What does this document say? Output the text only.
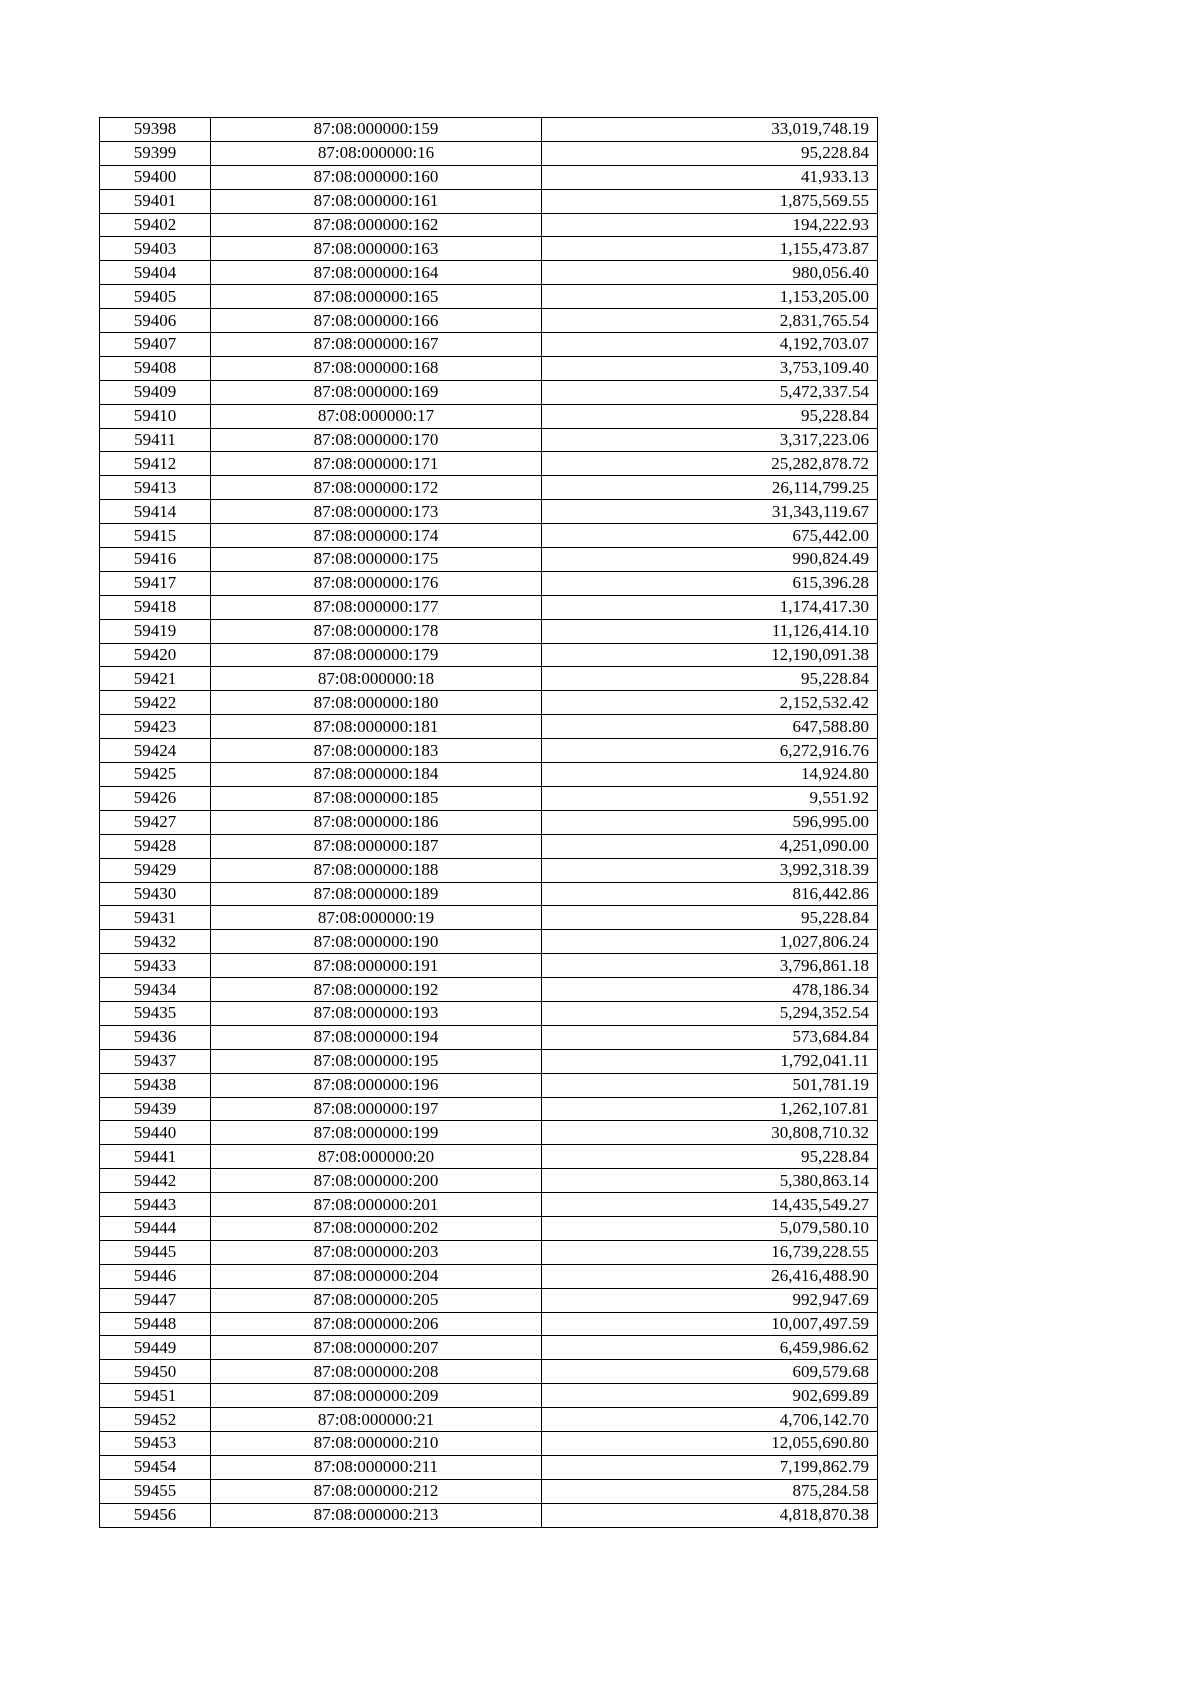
59398	87:08:000000:159	33,019,748.19
59399	87:08:000000:16	95,228.84
59400	87:08:000000:160	41,933.13
59401	87:08:000000:161	1,875,569.55
59402	87:08:000000:162	194,222.93
59403	87:08:000000:163	1,155,473.87
59404	87:08:000000:164	980,056.40
59405	87:08:000000:165	1,153,205.00
59406	87:08:000000:166	2,831,765.54
59407	87:08:000000:167	4,192,703.07
59408	87:08:000000:168	3,753,109.40
59409	87:08:000000:169	5,472,337.54
59410	87:08:000000:17	95,228.84
59411	87:08:000000:170	3,317,223.06
59412	87:08:000000:171	25,282,878.72
59413	87:08:000000:172	26,114,799.25
59414	87:08:000000:173	31,343,119.67
59415	87:08:000000:174	675,442.00
59416	87:08:000000:175	990,824.49
59417	87:08:000000:176	615,396.28
59418	87:08:000000:177	1,174,417.30
59419	87:08:000000:178	11,126,414.10
59420	87:08:000000:179	12,190,091.38
59421	87:08:000000:18	95,228.84
59422	87:08:000000:180	2,152,532.42
59423	87:08:000000:181	647,588.80
59424	87:08:000000:183	6,272,916.76
59425	87:08:000000:184	14,924.80
59426	87:08:000000:185	9,551.92
59427	87:08:000000:186	596,995.00
59428	87:08:000000:187	4,251,090.00
59429	87:08:000000:188	3,992,318.39
59430	87:08:000000:189	816,442.86
59431	87:08:000000:19	95,228.84
59432	87:08:000000:190	1,027,806.24
59433	87:08:000000:191	3,796,861.18
59434	87:08:000000:192	478,186.34
59435	87:08:000000:193	5,294,352.54
59436	87:08:000000:194	573,684.84
59437	87:08:000000:195	1,792,041.11
59438	87:08:000000:196	501,781.19
59439	87:08:000000:197	1,262,107.81
59440	87:08:000000:199	30,808,710.32
59441	87:08:000000:20	95,228.84
59442	87:08:000000:200	5,380,863.14
59443	87:08:000000:201	14,435,549.27
59444	87:08:000000:202	5,079,580.10
59445	87:08:000000:203	16,739,228.55
59446	87:08:000000:204	26,416,488.90
59447	87:08:000000:205	992,947.69
59448	87:08:000000:206	10,007,497.59
59449	87:08:000000:207	6,459,986.62
59450	87:08:000000:208	609,579.68
59451	87:08:000000:209	902,699.89
59452	87:08:000000:21	4,706,142.70
59453	87:08:000000:210	12,055,690.80
59454	87:08:000000:211	7,199,862.79
59455	87:08:000000:212	875,284.58
59456	87:08:000000:213	4,818,870.38
